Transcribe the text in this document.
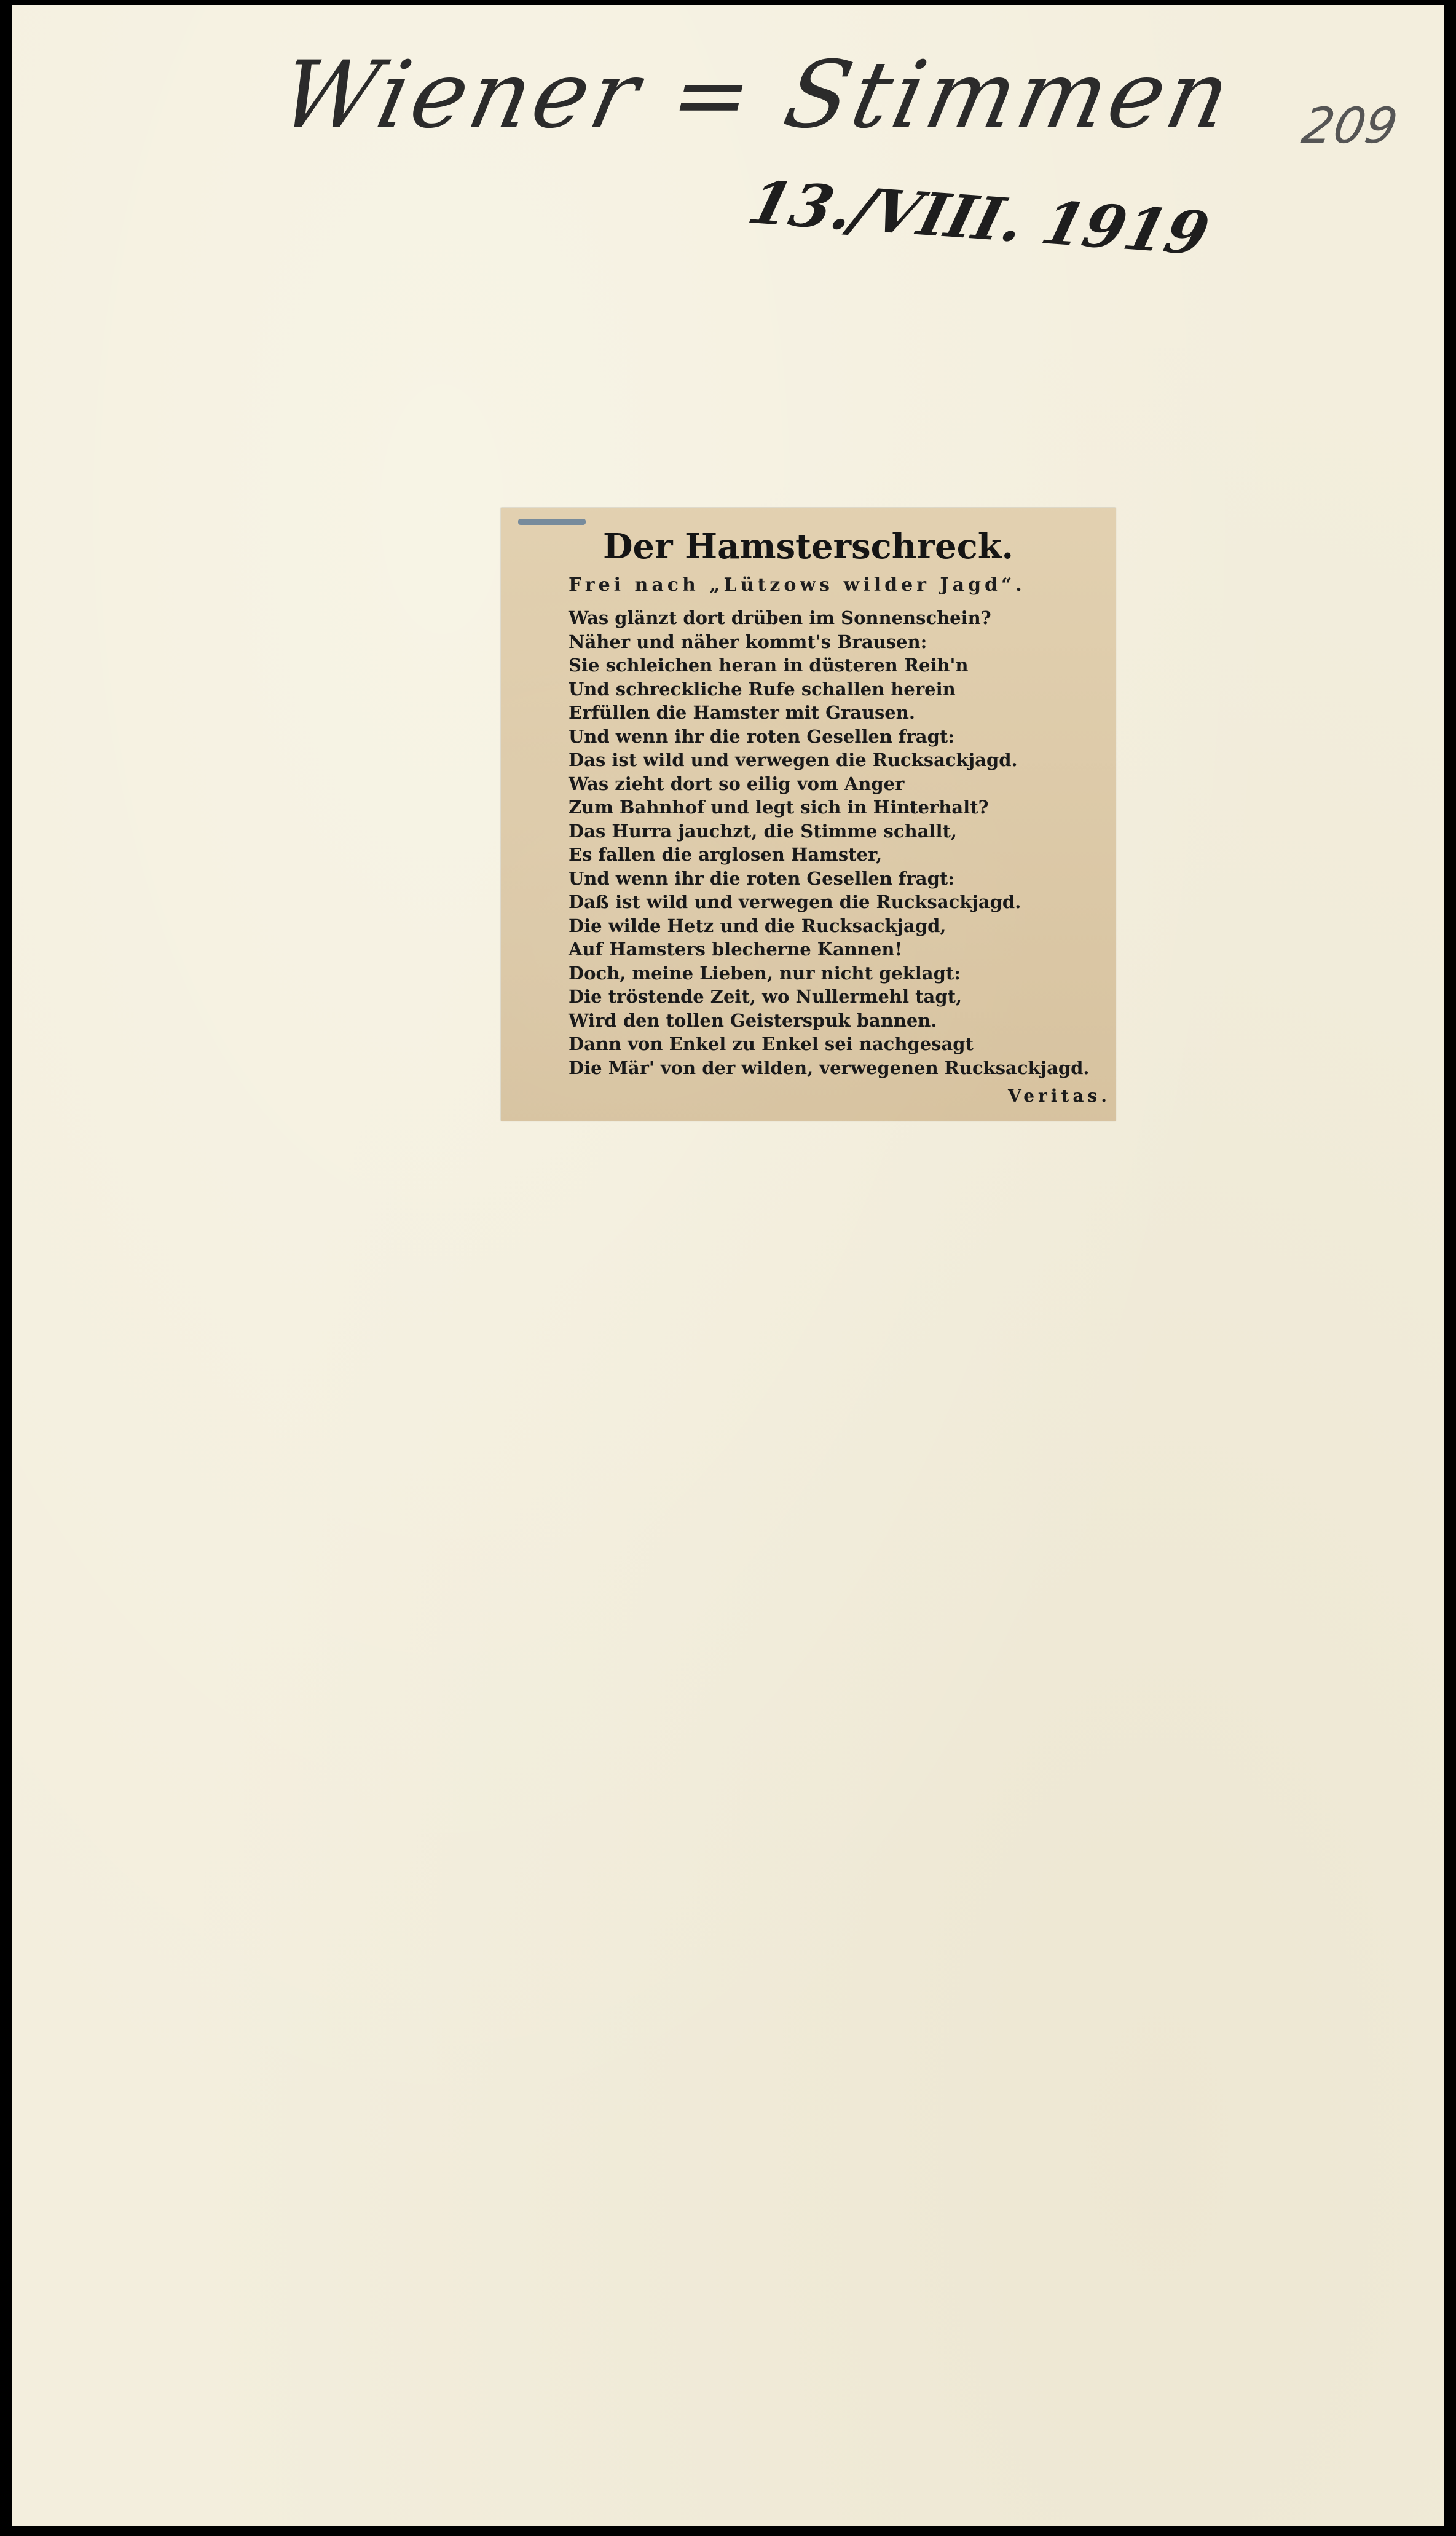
Wiener = Stimmen
13./VIII. 1919
209
Der Hamsterschreck.
Frei nach „Lützows wilder Jagd“.
Was glänzt dort drüben im Sonnenschein?
Näher und näher kommt's Brausen:
Sie schleichen heran in düsteren Reih'n
Und schreckliche Rufe schallen herein
Erfüllen die Hamster mit Grausen.
Und wenn ihr die roten Gesellen fragt:
Das ist wild und verwegen die Rucksackjagd.
Was zieht dort so eilig vom Anger
Zum Bahnhof und legt sich in Hinterhalt?
Das Hurra jauchzt, die Stimme schallt,
Es fallen die arglosen Hamster,
Und wenn ihr die roten Gesellen fragt:
Daß ist wild und verwegen die Rucksackjagd.
Die wilde Hetz und die Rucksackjagd,
Auf Hamsters blecherne Kannen!
Doch, meine Lieben, nur nicht geklagt:
Die tröstende Zeit, wo Nullermehl tagt,
Wird den tollen Geisterspuk bannen.
Dann von Enkel zu Enkel sei nachgesagt
Die Mär' von der wilden, verwegenen Rucksackjagd.
Veritas.
